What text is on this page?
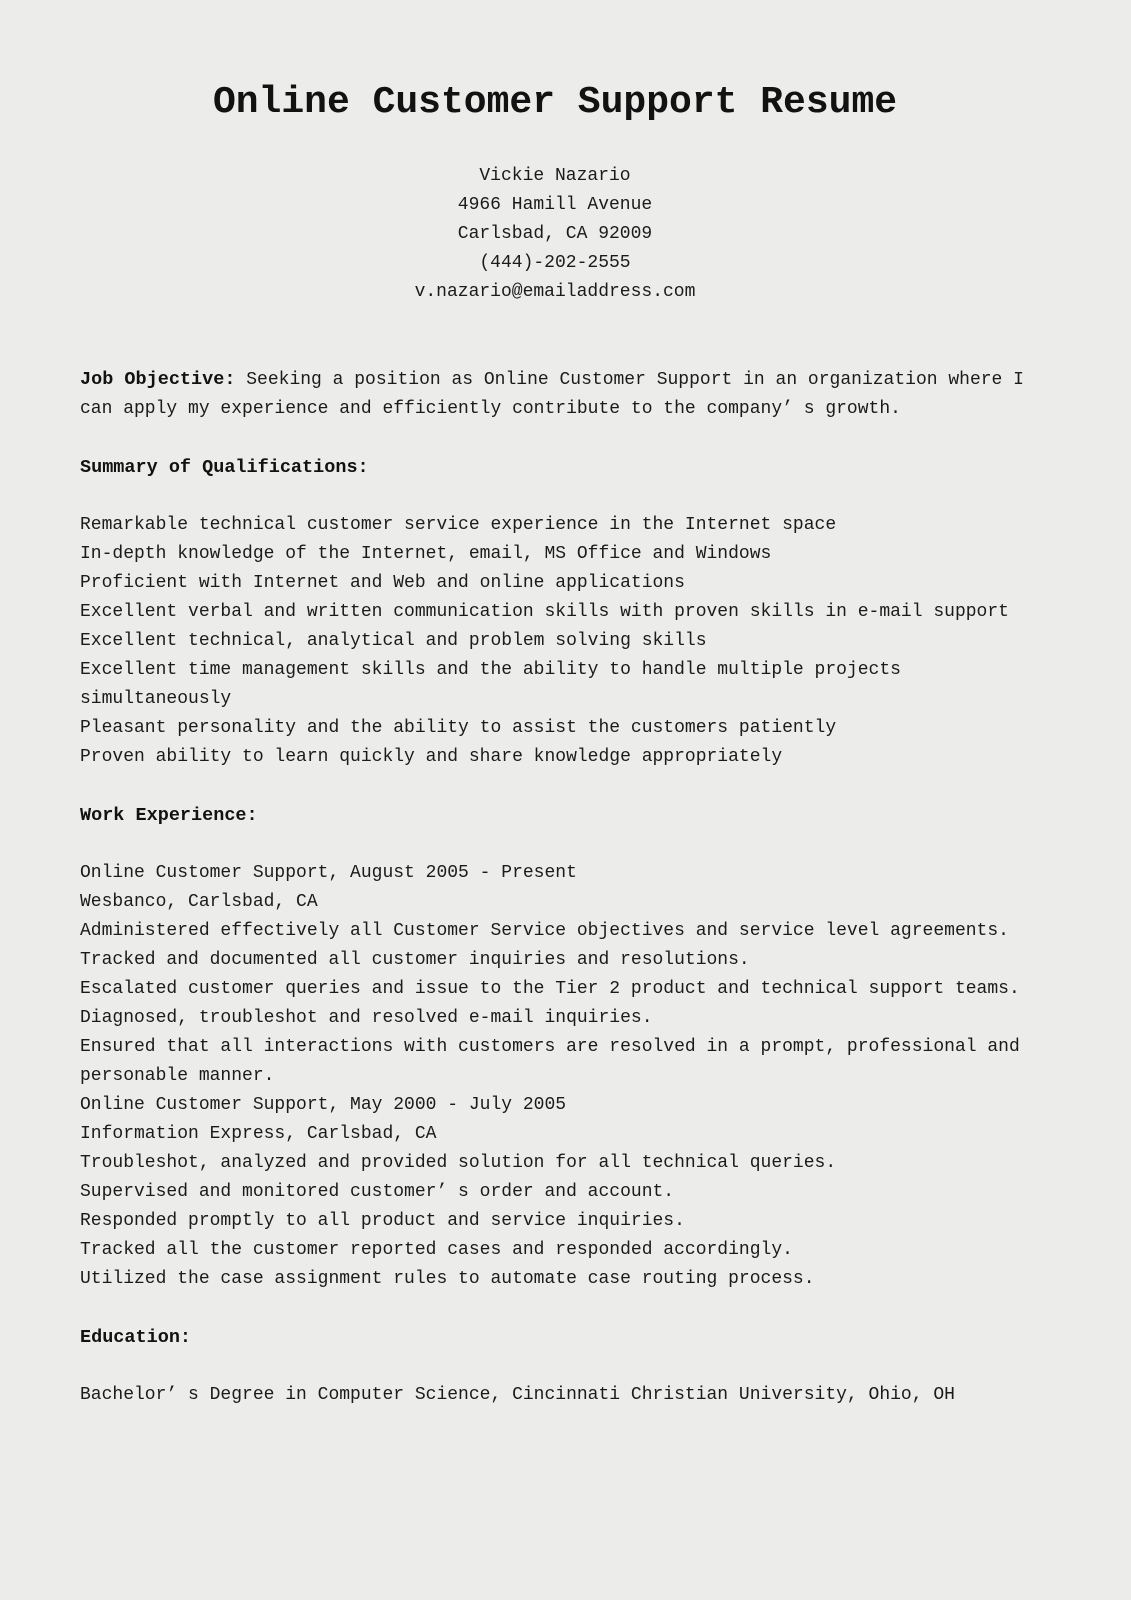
Online Customer Support Resume
Vickie Nazario
4966 Hamill Avenue
Carlsbad, CA 92009
(444)-202-2555
v.nazario@emailaddress.com

Job Objective: Seeking a position as Online Customer Support in an organization where I can apply my experience and efficiently contribute to the company’ s growth.

Summary of Qualifications:
Remarkable technical customer service experience in the Internet space
In-depth knowledge of the Internet, email, MS Office and Windows
Proficient with Internet and Web and online applications
Excellent verbal and written communication skills with proven skills in e-mail support
Excellent technical, analytical and problem solving skills
Excellent time management skills and the ability to handle multiple projects simultaneously
Pleasant personality and the ability to assist the customers patiently
Proven ability to learn quickly and share knowledge appropriately
Work Experience:
Online Customer Support, August 2005 - Present
Wesbanco, Carlsbad, CA
Administered effectively all Customer Service objectives and service level agreements.
Tracked and documented all customer inquiries and resolutions.
Escalated customer queries and issue to the Tier 2 product and technical support teams.
Diagnosed, troubleshot and resolved e-mail inquiries.
Ensured that all interactions with customers are resolved in a prompt, professional and personable manner.
Online Customer Support, May 2000 - July 2005
Information Express, Carlsbad, CA
Troubleshot, analyzed and provided solution for all technical queries.
Supervised and monitored customer’ s order and account.
Responded promptly to all product and service inquiries.
Tracked all the customer reported cases and responded accordingly.
Utilized the case assignment rules to automate case routing process.
Education:
Bachelor’ s Degree in Computer Science, Cincinnati Christian University, Ohio, OH
